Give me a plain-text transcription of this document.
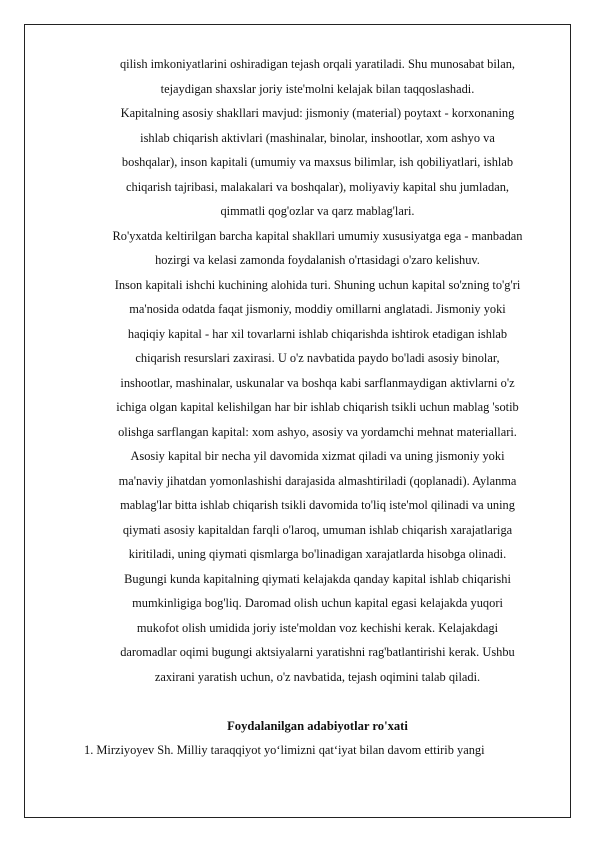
qilish imkoniyatlarini oshiradigan tejash orqali yaratiladi. Shu munosabat bilan,
tejaydigan shaxslar joriy iste'molni kelajak bilan taqqoslashadi.
Kapitalning asosiy shakllari mavjud: jismoniy (material) poytaxt - korxonaning
ishlab chiqarish aktivlari (mashinalar, binolar, inshootlar, xom ashyo va
boshqalar), inson kapitali (umumiy va maxsus bilimlar, ish qobiliyatlari, ishlab
chiqarish tajribasi, malakalari va boshqalar), moliyaviy kapital shu jumladan,
qimmatli qog'ozlar va qarz mablag'lari.
Ro'yxatda keltirilgan barcha kapital shakllari umumiy xususiyatga ega - manbadan
hozirgi va kelasi zamonda foydalanish o'rtasidagi o'zaro kelishuv.
Inson kapitali ishchi kuchining alohida turi. Shuning uchun kapital so'zning to'g'ri
ma'nosida odatda faqat jismoniy, moddiy omillarni anglatadi. Jismoniy yoki
haqiqiy kapital - har xil tovarlarni ishlab chiqarishda ishtirok etadigan ishlab
chiqarish resurslari zaxirasi. U o'z navbatida paydo bo'ladi asosiy binolar,
inshootlar, mashinalar, uskunalar va boshqa kabi sarflanmaydigan aktivlarni o'z
ichiga olgan kapital kelishilgan har bir ishlab chiqarish tsikli uchun mablag 'sotib
olishga sarflangan kapital: xom ashyo, asosiy va yordamchi mehnat materiallari.
Asosiy kapital bir necha yil davomida xizmat qiladi va uning jismoniy yoki
ma'naviy jihatdan yomonlashishi darajasida almashtiriladi (qoplanadi). Aylanma
mablag'lar bitta ishlab chiqarish tsikli davomida to'liq iste'mol qilinadi va uning
qiymati asosiy kapitaldan farqli o'laroq, umuman ishlab chiqarish xarajatlariga
kiritiladi, uning qiymati qismlarga bo'linadigan xarajatlarda hisobga olinadi.
Bugungi kunda kapitalning qiymati kelajakda qanday kapital ishlab chiqarishi
mumkinligiga bog'liq. Daromad olish uchun kapital egasi kelajakda yuqori
mukofot olish umidida joriy iste'moldan voz kechishi kerak. Kelajakdagi
daromadlar oqimi bugungi aktsiyalarni yaratishni rag'batlantirishi kerak. Ushbu
zaxirani yaratish uchun, o'z navbatida, tejash oqimini talab qiladi.
Foydalanilgan adabiyotlar ro'xati
1. Mirziyoyev Sh. Milliy taraqqiyot yo‘limizni qat‘iyat bilan davom ettirib yangi
